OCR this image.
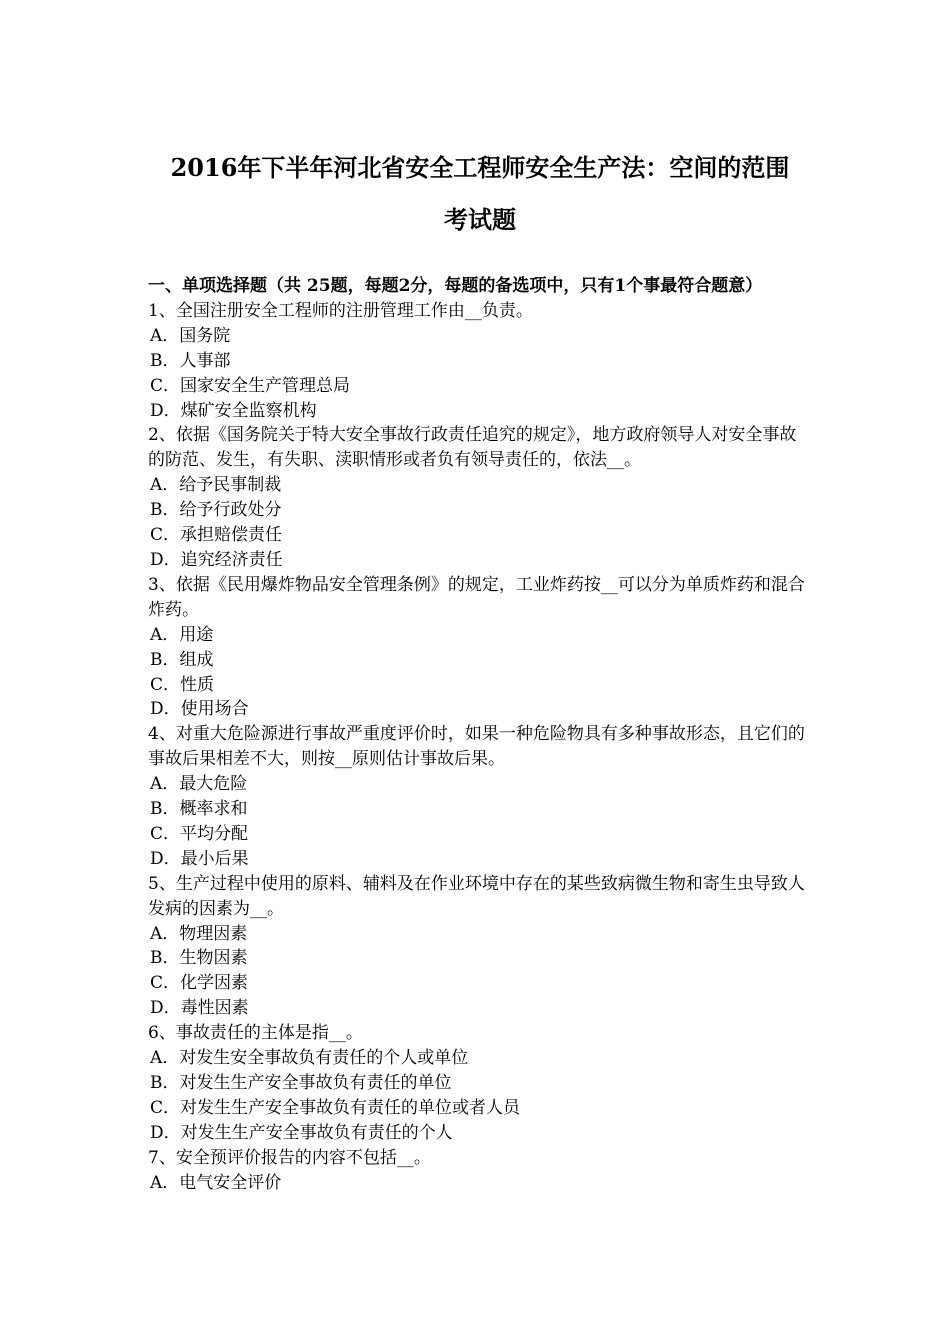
2016年下半年河北省安全工程师安全生产法：空间的范围
考试题

一、单项选择题（共 25题，每题2分，每题的备选项中，只有1个事最符合题意）

1、全国注册安全工程师的注册管理工作由__负责。

A．国务院

B．人事部

C．国家安全生产管理总局

D．煤矿安全监察机构

2、依据《国务院关于特大安全事故行政责任追究的规定》，地方政府领导人对安全事故的防范、发生，有失职、渎职情形或者负有领导责任的，依法__。

A．给予民事制裁

B．给予行政处分

C．承担赔偿责任

D．追究经济责任

3、依据《民用爆炸物品安全管理条例》的规定，工业炸药按__可以分为单质炸药和混合炸药。

A．用途

B．组成

C．性质

D．使用场合

4、对重大危险源进行事故严重度评价时，如果一种危险物具有多种事故形态，且它们的事故后果相差不大，则按__原则估计事故后果。

A．最大危险

B．概率求和

C．平均分配

D．最小后果

5、生产过程中使用的原料、辅料及在作业环境中存在的某些致病微生物和寄生虫导致人发病的因素为__。

A．物理因素

B．生物因素

C．化学因素

D．毒性因素

6、事故责任的主体是指__。

A．对发生安全事故负有责任的个人或单位

B．对发生生产安全事故负有责任的单位

C．对发生生产安全事故负有责任的单位或者人员

D．对发生生产安全事故负有责任的个人

7、安全预评价报告的内容不包括__。

A．电气安全评价
